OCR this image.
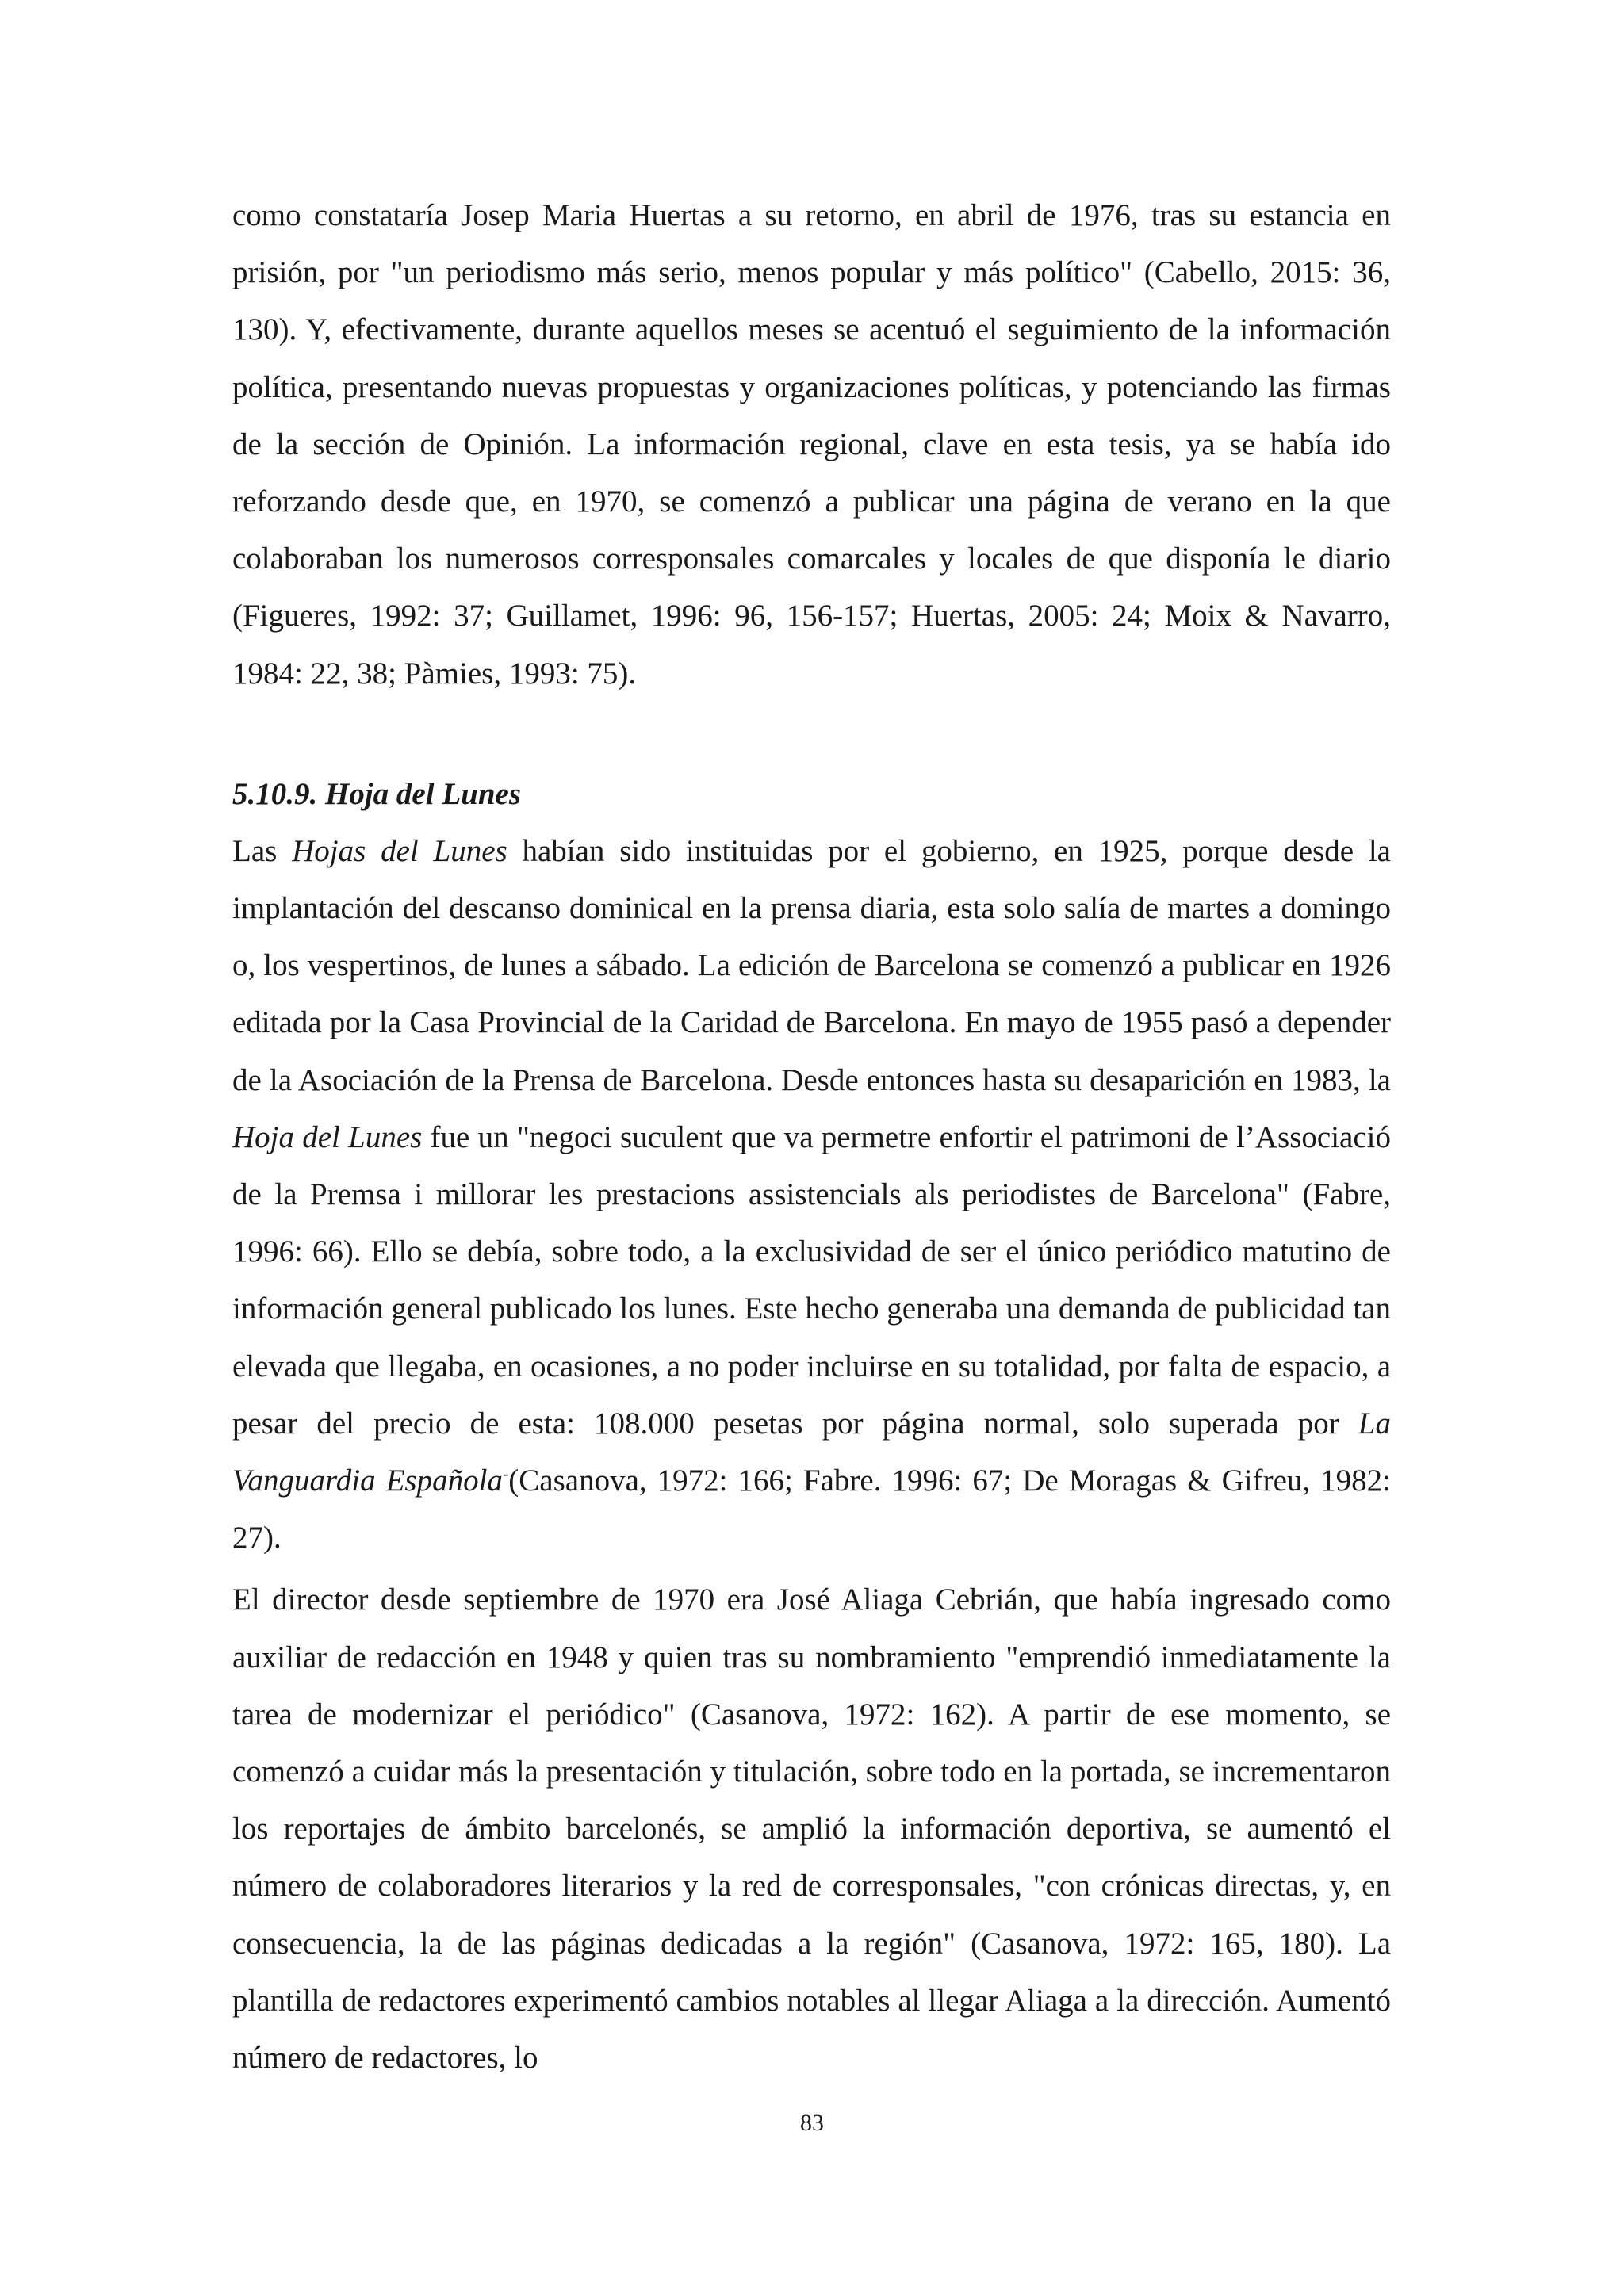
como constataría Josep Maria Huertas a su retorno, en abril de 1976, tras su estancia en prisión, por "un periodismo más serio, menos popular y más político" (Cabello, 2015: 36, 130). Y, efectivamente, durante aquellos meses se acentuó el seguimiento de la información política, presentando nuevas propuestas y organizaciones políticas, y potenciando las firmas de la sección de Opinión. La información regional, clave en esta tesis, ya se había ido reforzando desde que, en 1970, se comenzó a publicar una página de verano en la que colaboraban los numerosos corresponsales comarcales y locales de que disponía le diario (Figueres, 1992: 37; Guillamet, 1996: 96, 156-157; Huertas, 2005: 24; Moix & Navarro, 1984: 22, 38; Pàmies, 1993: 75).

5.10.9. Hoja del Lunes

Las Hojas del Lunes habían sido instituidas por el gobierno, en 1925, porque desde la implantación del descanso dominical en la prensa diaria, esta solo salía de martes a domingo o, los vespertinos, de lunes a sábado. La edición de Barcelona se comenzó a publicar en 1926 editada por la Casa Provincial de la Caridad de Barcelona. En mayo de 1955 pasó a depender de la Asociación de la Prensa de Barcelona. Desde entonces hasta su desaparición en 1983, la Hoja del Lunes fue un "negoci suculent que va permetre enfortir el patrimoni de l’Associació de la Premsa i millorar les prestacions assistencials als periodistes de Barcelona" (Fabre, 1996: 66). Ello se debía, sobre todo, a la exclusividad de ser el único periódico matutino de información general publicado los lunes. Este hecho generaba una demanda de publicidad tan elevada que llegaba, en ocasiones, a no poder incluirse en su totalidad, por falta de espacio, a pesar del precio de esta: 108.000 pesetas por página normal, solo superada por La Vanguardia Española-(Casanova, 1972: 166; Fabre. 1996: 67; De Moragas & Gifreu, 1982: 27).

El director desde septiembre de 1970 era José Aliaga Cebrián, que había ingresado como auxiliar de redacción en 1948 y quien tras su nombramiento "emprendió inmediatamente la tarea de modernizar el periódico" (Casanova, 1972: 162). A partir de ese momento, se comenzó a cuidar más la presentación y titulación, sobre todo en la portada, se incrementaron los reportajes de ámbito barcelonés, se amplió la información deportiva, se aumentó el número de colaboradores literarios y la red de corresponsales, "con crónicas directas, y, en consecuencia, la de las páginas dedicadas a la región" (Casanova, 1972: 165, 180). La plantilla de redactores experimentó cambios notables al llegar Aliaga a la dirección. Aumentó número de redactores, lo

83
